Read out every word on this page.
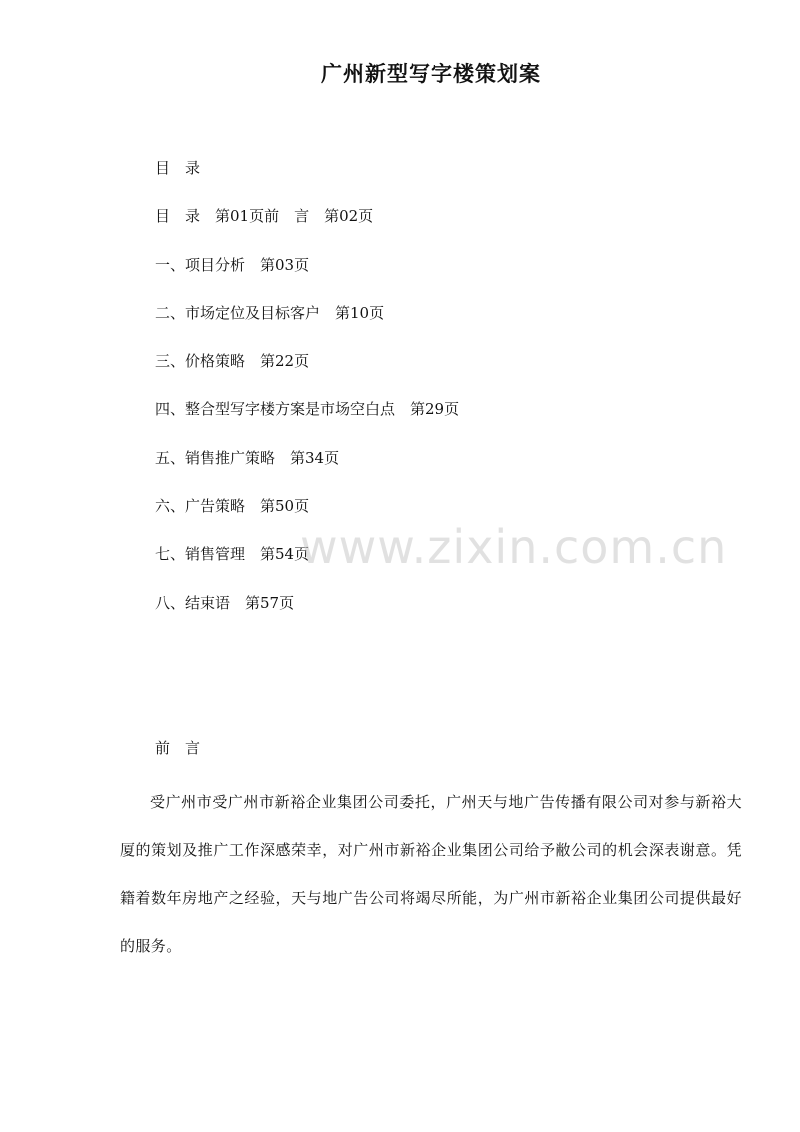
广州新型写字楼策划案
目　录
目　录　第01页前　言　第02页
一、项目分析　第03页
二、市场定位及目标客户　第10页
三、价格策略　第22页
四、整合型写字楼方案是市场空白点　第29页
五、销售推广策略　第34页
六、广告策略　第50页
七、销售管理　第54页
八、结束语　第57页
www.zixin.com.cn
前　言
受广州市受广州市新裕企业集团公司委托，广州天与地广告传播有限公司对参与新裕大厦的策划及推广工作深感荣幸，对广州市新裕企业集团公司给予敝公司的机会深表谢意。凭籍着数年房地产之经验，天与地广告公司将竭尽所能，为广州市新裕企业集团公司提供最好的服务。
